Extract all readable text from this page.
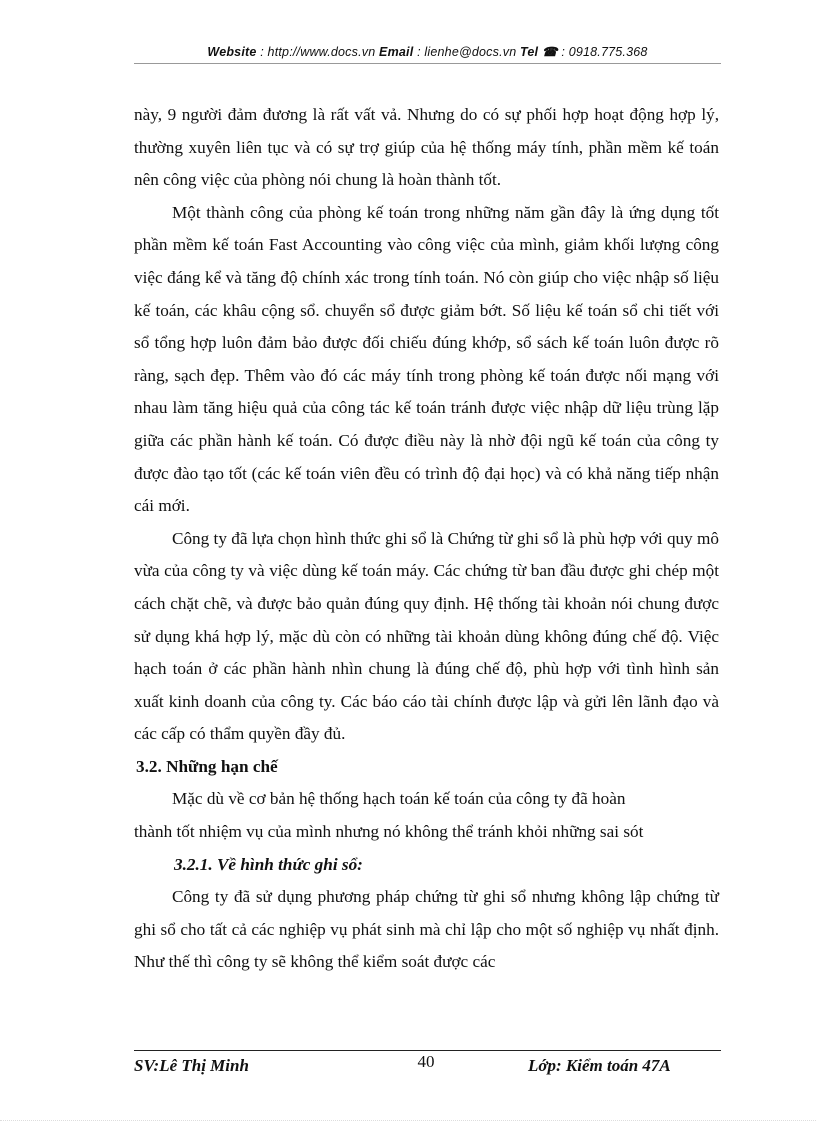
Website : http://www.docs.vn Email : lienhe@docs.vn Tel ☎ : 0918.775.368

này, 9 người đảm đương là rất vất vả. Nhưng do có sự phối hợp hoạt động hợp lý, thường xuyên liên tục và có sự trợ giúp của hệ thống máy tính, phần mềm kế toán nên công việc của phòng nói chung là hoàn thành tốt.

Một thành công của phòng kế toán trong những năm gần đây là ứng dụng tốt phần mềm kế toán Fast Accounting vào công việc của mình, giảm khối lượng công việc đáng kể và tăng độ chính xác trong tính toán. Nó còn giúp cho việc nhập số liệu kế toán, các khâu cộng sổ. chuyển sổ được giảm bớt. Số liệu kế toán sổ chi tiết với sổ tổng hợp luôn đảm bảo được đối chiếu đúng khớp, sổ sách kế toán luôn được rõ ràng, sạch đẹp. Thêm vào đó các máy tính trong phòng kế toán được nối mạng với nhau làm tăng hiệu quả của công tác kế toán tránh được việc nhập dữ liệu trùng lặp giữa các phần hành kế toán. Có được điều này là nhờ đội ngũ kế toán của công ty được đào tạo tốt (các kế toán viên đều có trình độ đại học) và có khả năng tiếp nhận cái mới.

Công ty đã lựa chọn hình thức ghi sổ là Chứng từ ghi sổ là phù hợp với quy mô vừa của công ty và việc dùng kế toán máy. Các chứng từ ban đầu được ghi chép một cách chặt chẽ, và được bảo quản đúng quy định. Hệ thống tài khoản nói chung được sử dụng khá hợp lý, mặc dù còn có những tài khoản dùng không đúng chế độ. Việc hạch toán ở các phần hành nhìn chung là đúng chế độ, phù hợp với tình hình sản xuất kinh doanh của công ty. Các báo cáo tài chính được lập và gửi lên lãnh đạo và các cấp có thẩm quyền đầy đủ.

3.2. Những hạn chế

Mặc dù về cơ bản hệ thống hạch toán kế toán của công ty đã hoàn

thành tốt nhiệm vụ của mình nhưng nó không thể tránh khỏi những sai sót

3.2.1. Về hình thức ghi sổ:

Công ty đã sử dụng phương pháp chứng từ ghi sổ nhưng không lập chứng từ ghi sổ cho tất cả các nghiệp vụ phát sinh mà chỉ lập cho một số nghiệp vụ nhất định. Như thế thì công ty sẽ không thể kiểm soát được các

SV:Lê Thị Minh	40	Lớp: Kiểm toán 47A
